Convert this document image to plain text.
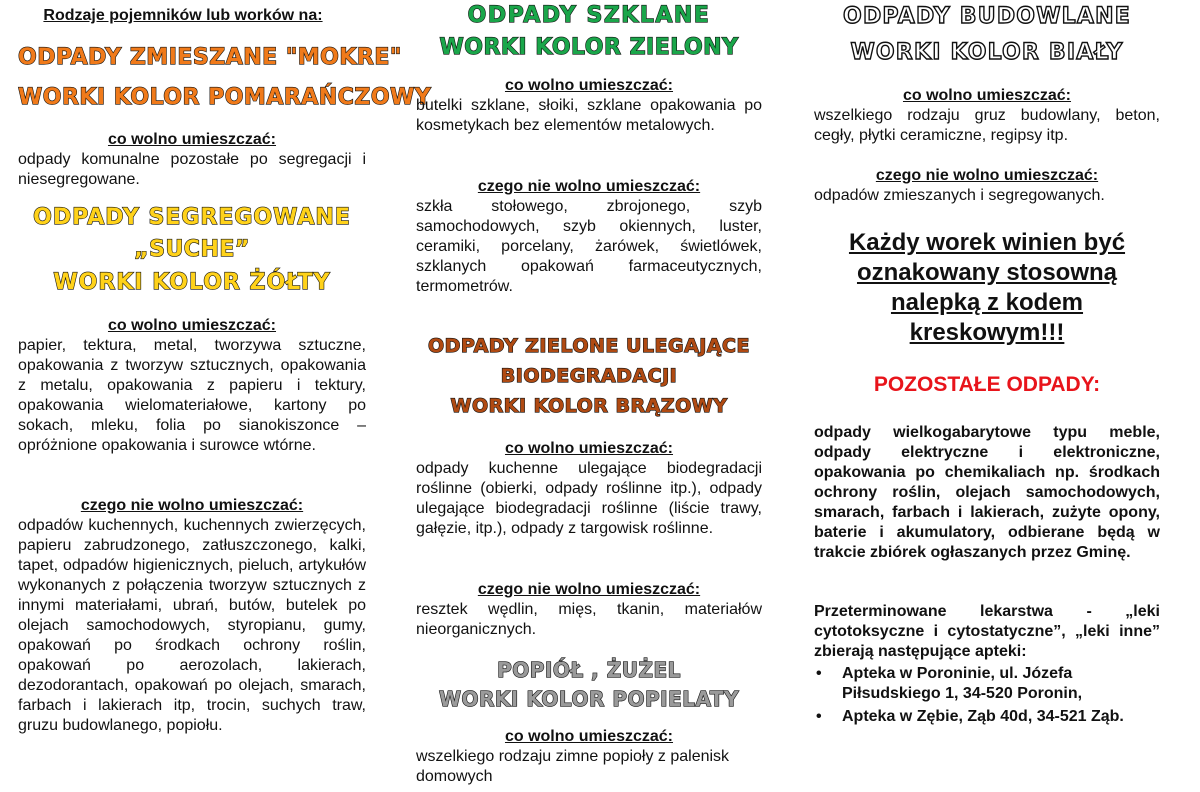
Rodzaje pojemników lub worków na:
ODPADY ZMIESZANE "MOKRE"
WORKI KOLOR POMARAŃCZOWY
co wolno umieszczać:
odpady komunalne pozostałe po segregacji i niesegregowane.
ODPADY SEGREGOWANE
„SUCHE”
WORKI KOLOR ŻÓŁTY
co wolno umieszczać:
papier, tektura, metal, tworzywa sztuczne, opakowania z tworzyw sztucznych, opakowania z metalu, opakowania z papieru i tektury, opakowania wielomateriałowe, kartony po sokach, mleku, folia po sianokiszonce – opróżnione opakowania i surowce wtórne.
czego nie wolno umieszczać:
odpadów kuchennych, kuchennych zwierzęcych, papieru zabrudzonego, zatłuszczonego, kalki, tapet, odpadów higienicznych, pieluch, artykułów wykonanych z połączenia tworzyw sztucznych z innymi materiałami, ubrań, butów, butelek po olejach samochodowych, styropianu, gumy, opakowań po środkach ochrony roślin, opakowań po aerozolach, lakierach, dezodorantach, opakowań po olejach, smarach, farbach i lakierach itp, trocin, suchych traw, gruzu budowlanego, popiołu.
ODPADY SZKLANE
WORKI KOLOR ZIELONY
co wolno umieszczać:
butelki szklane, słoiki, szklane opakowania po kosmetykach bez elementów metalowych.
czego nie wolno umieszczać:
szkła stołowego, zbrojonego, szyb samochodowych, szyb okiennych, luster, ceramiki, porcelany, żarówek, świetlówek, szklanych opakowań farmaceutycznych, termometrów.
ODPADY ZIELONE ULEGAJĄCE
BIODEGRADACJI
WORKI KOLOR BRĄZOWY
co wolno umieszczać:
odpady kuchenne ulegające biodegradacji roślinne (obierki, odpady roślinne itp.), odpady ulegające biodegradacji roślinne (liście trawy, gałęzie, itp.), odpady z targowisk roślinne.
czego nie wolno umieszczać:
resztek wędlin, mięs, tkanin, materiałów nieorganicznych.
POPIÓŁ , ŻUŻEL
WORKI KOLOR POPIELATY
co wolno umieszczać:
wszelkiego rodzaju zimne popioły z palenisk domowych
ODPADY BUDOWLANE
WORKI KOLOR BIAŁY
co wolno umieszczać:
wszelkiego rodzaju gruz budowlany, beton, cegły, płytki ceramiczne, regipsy itp.
czego nie wolno umieszczać:
odpadów zmieszanych i segregowanych.
Każdy worek winien być oznakowany stosowną nalepką z kodem kreskowym!!!
POZOSTAŁE ODPADY:
odpady wielkogabarytowe typu meble, odpady elektryczne i elektroniczne, opakowania po chemikaliach np. środkach ochrony roślin, olejach samochodowych, smarach, farbach i lakierach, zużyte opony, baterie i akumulatory, odbierane będą w trakcie zbiórek ogłaszanych przez Gminę.
Przeterminowane lekarstwa - „leki cytotoksyczne i cytostatyczne”, „leki inne” zbierają następujące apteki:
• Apteka w Poroninie, ul. Józefa Piłsudskiego 1, 34-520 Poronin,
• Apteka w Zębie, Ząb 40d, 34-521 Ząb.
